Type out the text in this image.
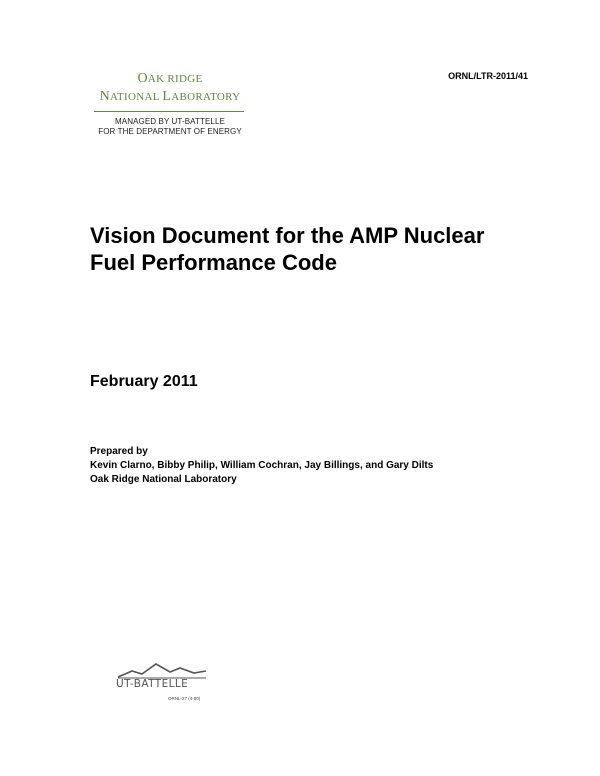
OAK RIDGE
NATIONAL LABORATORY
MANAGED BY UT-BATTELLE
FOR THE DEPARTMENT OF ENERGY
ORNL/LTR-2011/41
Vision Document for the AMP Nuclear Fuel Performance Code
February 2011
Prepared by
Kevin Clarno, Bibby Philip, William Cochran, Jay Billings, and Gary Dilts
Oak Ridge National Laboratory
UT-BATTELLE
ORNL-27 (4-00)
